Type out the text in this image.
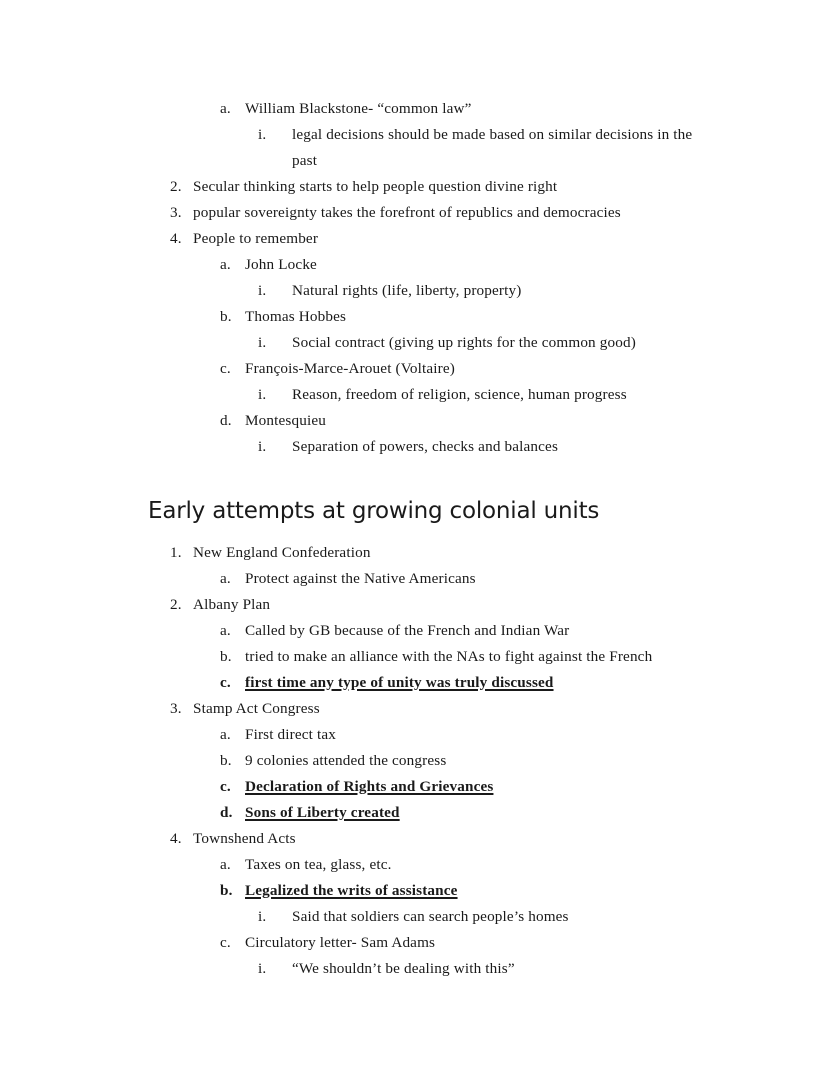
a. William Blackstone- “common law”
i.	legal decisions should be made based on similar decisions in the past
2. Secular thinking starts to help people question divine right
3. popular sovereignty takes the forefront of republics and democracies
4. People to remember
a. John Locke
i.	Natural rights (life, liberty, property)
b. Thomas Hobbes
i.	Social contract (giving up rights for the common good)
c. François-Marce-Arouet (Voltaire)
i.	Reason, freedom of religion, science, human progress
d. Montesquieu
i.	Separation of powers, checks and balances
Early attempts at growing colonial units
1. New England Confederation
a. Protect against the Native Americans
2. Albany Plan
a. Called by GB because of the French and Indian War
b. tried to make an alliance with the NAs to fight against the French
c. first time any type of unity was truly discussed
3. Stamp Act Congress
a. First direct tax
b. 9 colonies attended the congress
c. Declaration of Rights and Grievances
d. Sons of Liberty created
4. Townshend Acts
a. Taxes on tea, glass, etc.
b. Legalized the writs of assistance
i.	Said that soldiers can search people’s homes
c. Circulatory letter- Sam Adams
i.	“We shouldn’t be dealing with this”
